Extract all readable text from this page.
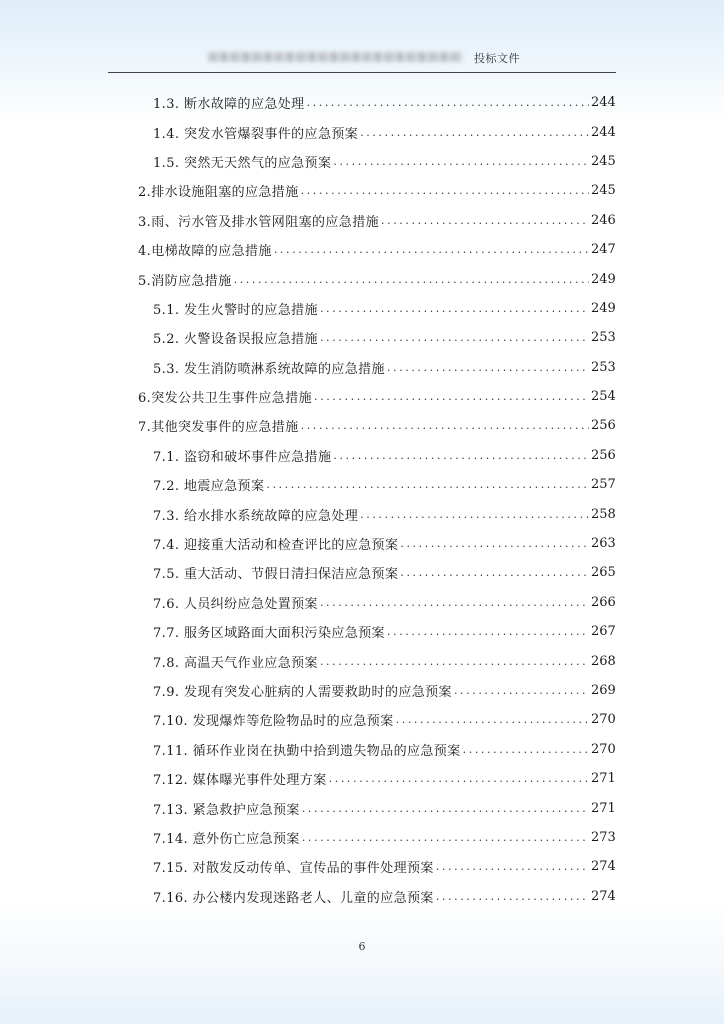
投标文件
1.3. 断水故障的应急处理 .....	244
1.4. 突发水管爆裂事件的应急预案 .....	244
1.5. 突然无天然气的应急预案 .....	245
2.排水设施阻塞的应急措施 .....	245
3.雨、污水管及排水管网阻塞的应急措施 .....	246
4.电梯故障的应急措施 .....	247
5.消防应急措施 .....	249
5.1. 发生火警时的应急措施 .....	249
5.2. 火警设备误报应急措施 .....	253
5.3. 发生消防喷淋系统故障的应急措施 .....	253
6.突发公共卫生事件应急措施 .....	254
7.其他突发事件的应急措施 .....	256
7.1. 盗窃和破坏事件应急措施 .....	256
7.2. 地震应急预案 .....	257
7.3. 给水排水系统故障的应急处理 .....	258
7.4. 迎接重大活动和检查评比的应急预案 .....	263
7.5. 重大活动、节假日清扫保洁应急预案 .....	265
7.6. 人员纠纷应急处置预案 .....	266
7.7. 服务区域路面大面积污染应急预案 .....	267
7.8. 高温天气作业应急预案 .....	268
7.9. 发现有突发心脏病的人需要救助时的应急预案 .....	269
7.10. 发现爆炸等危险物品时的应急预案 .....	270
7.11. 循环作业岗在执勤中拾到遗失物品的应急预案 .....	270
7.12. 媒体曝光事件处理方案 .....	271
7.13. 紧急救护应急预案 .....	271
7.14. 意外伤亡应急预案 .....	273
7.15. 对散发反动传单、宣传品的事件处理预案 .....	274
7.16. 办公楼内发现迷路老人、儿童的应急预案 .....	274
6
